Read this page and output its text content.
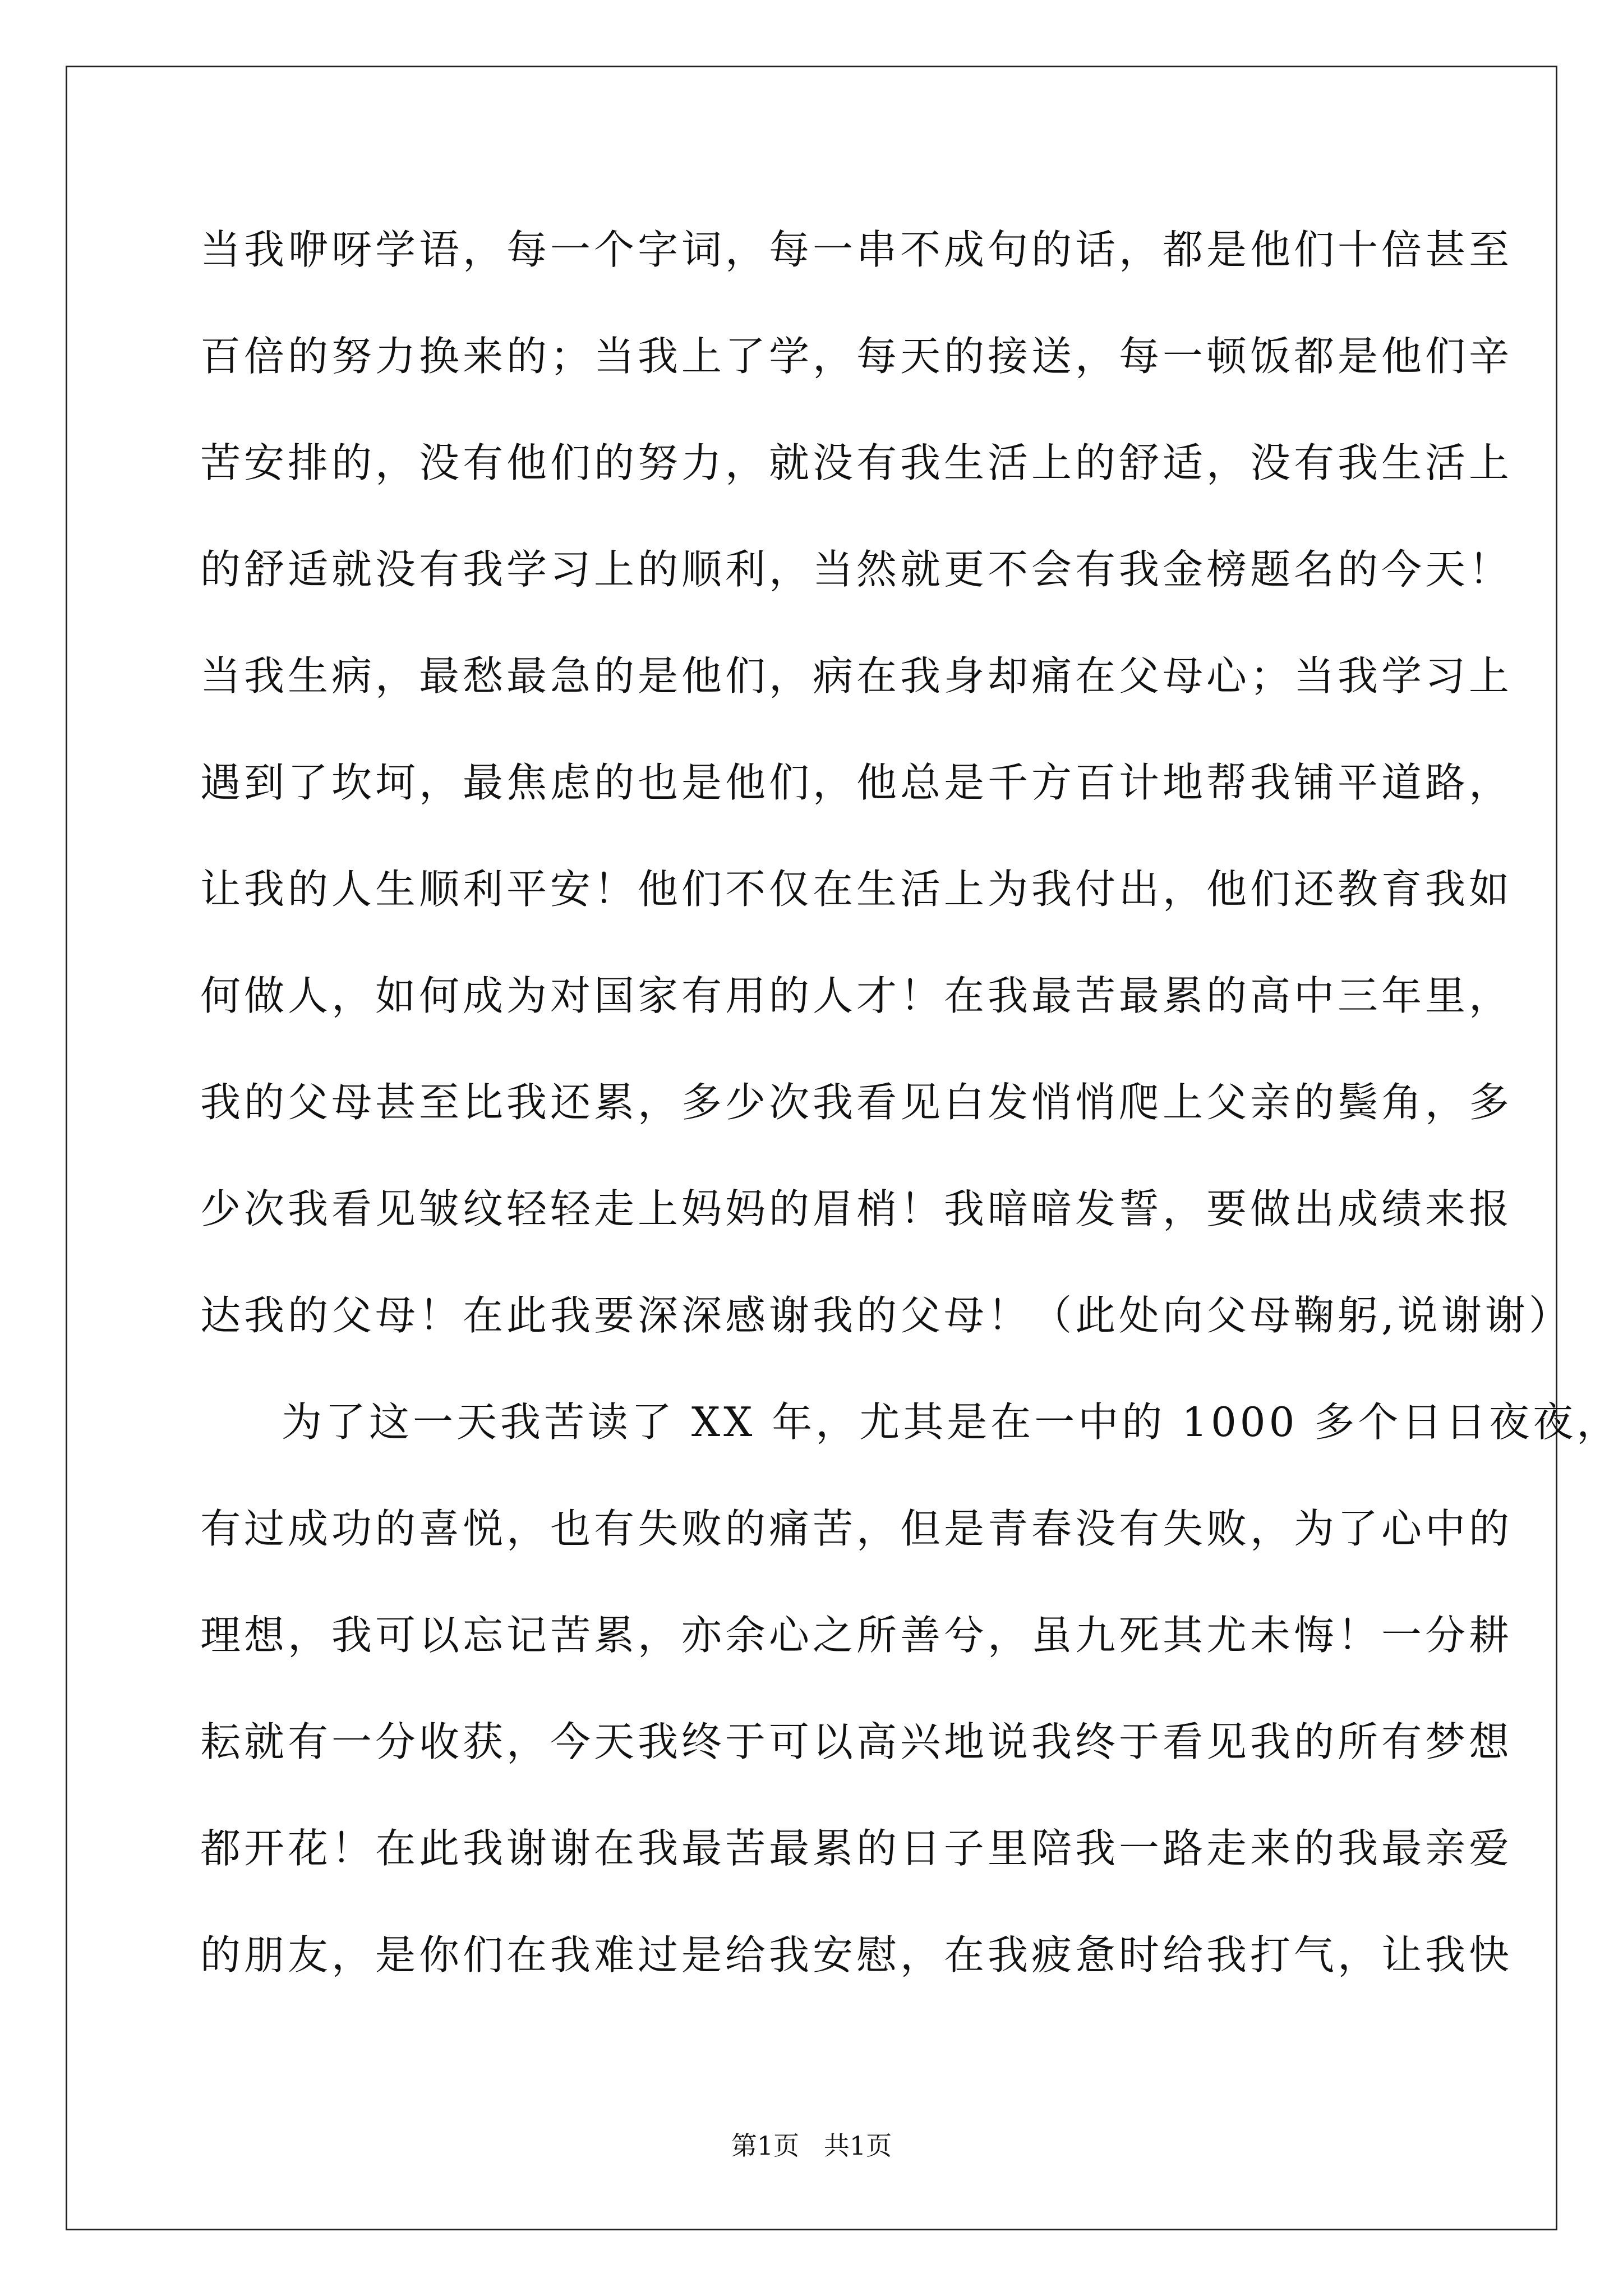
当我咿呀学语，每一个字词，每一串不成句的话，都是他们十倍甚至
百倍的努力换来的；当我上了学，每天的接送，每一顿饭都是他们辛
苦安排的，没有他们的努力，就没有我生活上的舒适，没有我生活上
的舒适就没有我学习上的顺利，当然就更不会有我金榜题名的今天！
当我生病，最愁最急的是他们，病在我身却痛在父母心；当我学习上
遇到了坎坷，最焦虑的也是他们，他总是千方百计地帮我铺平道路，
让我的人生顺利平安！他们不仅在生活上为我付出，他们还教育我如
何做人，如何成为对国家有用的人才！在我最苦最累的高中三年里，
我的父母甚至比我还累，多少次我看见白发悄悄爬上父亲的鬓角，多
少次我看见皱纹轻轻走上妈妈的眉梢！我暗暗发誓，要做出成绩来报
达我的父母！在此我要深深感谢我的父母！（此处向父母鞠躬,说谢谢）
为了这一天我苦读了 XX 年，尤其是在一中的 1000 多个日日夜夜，
有过成功的喜悦，也有失败的痛苦，但是青春没有失败，为了心中的
理想，我可以忘记苦累，亦余心之所善兮，虽九死其尤未悔！一分耕
耘就有一分收获，今天我终于可以高兴地说我终于看见我的所有梦想
都开花！在此我谢谢在我最苦最累的日子里陪我一路走来的我最亲爱
的朋友，是你们在我难过是给我安慰，在我疲惫时给我打气，让我快
第1页   共1页
